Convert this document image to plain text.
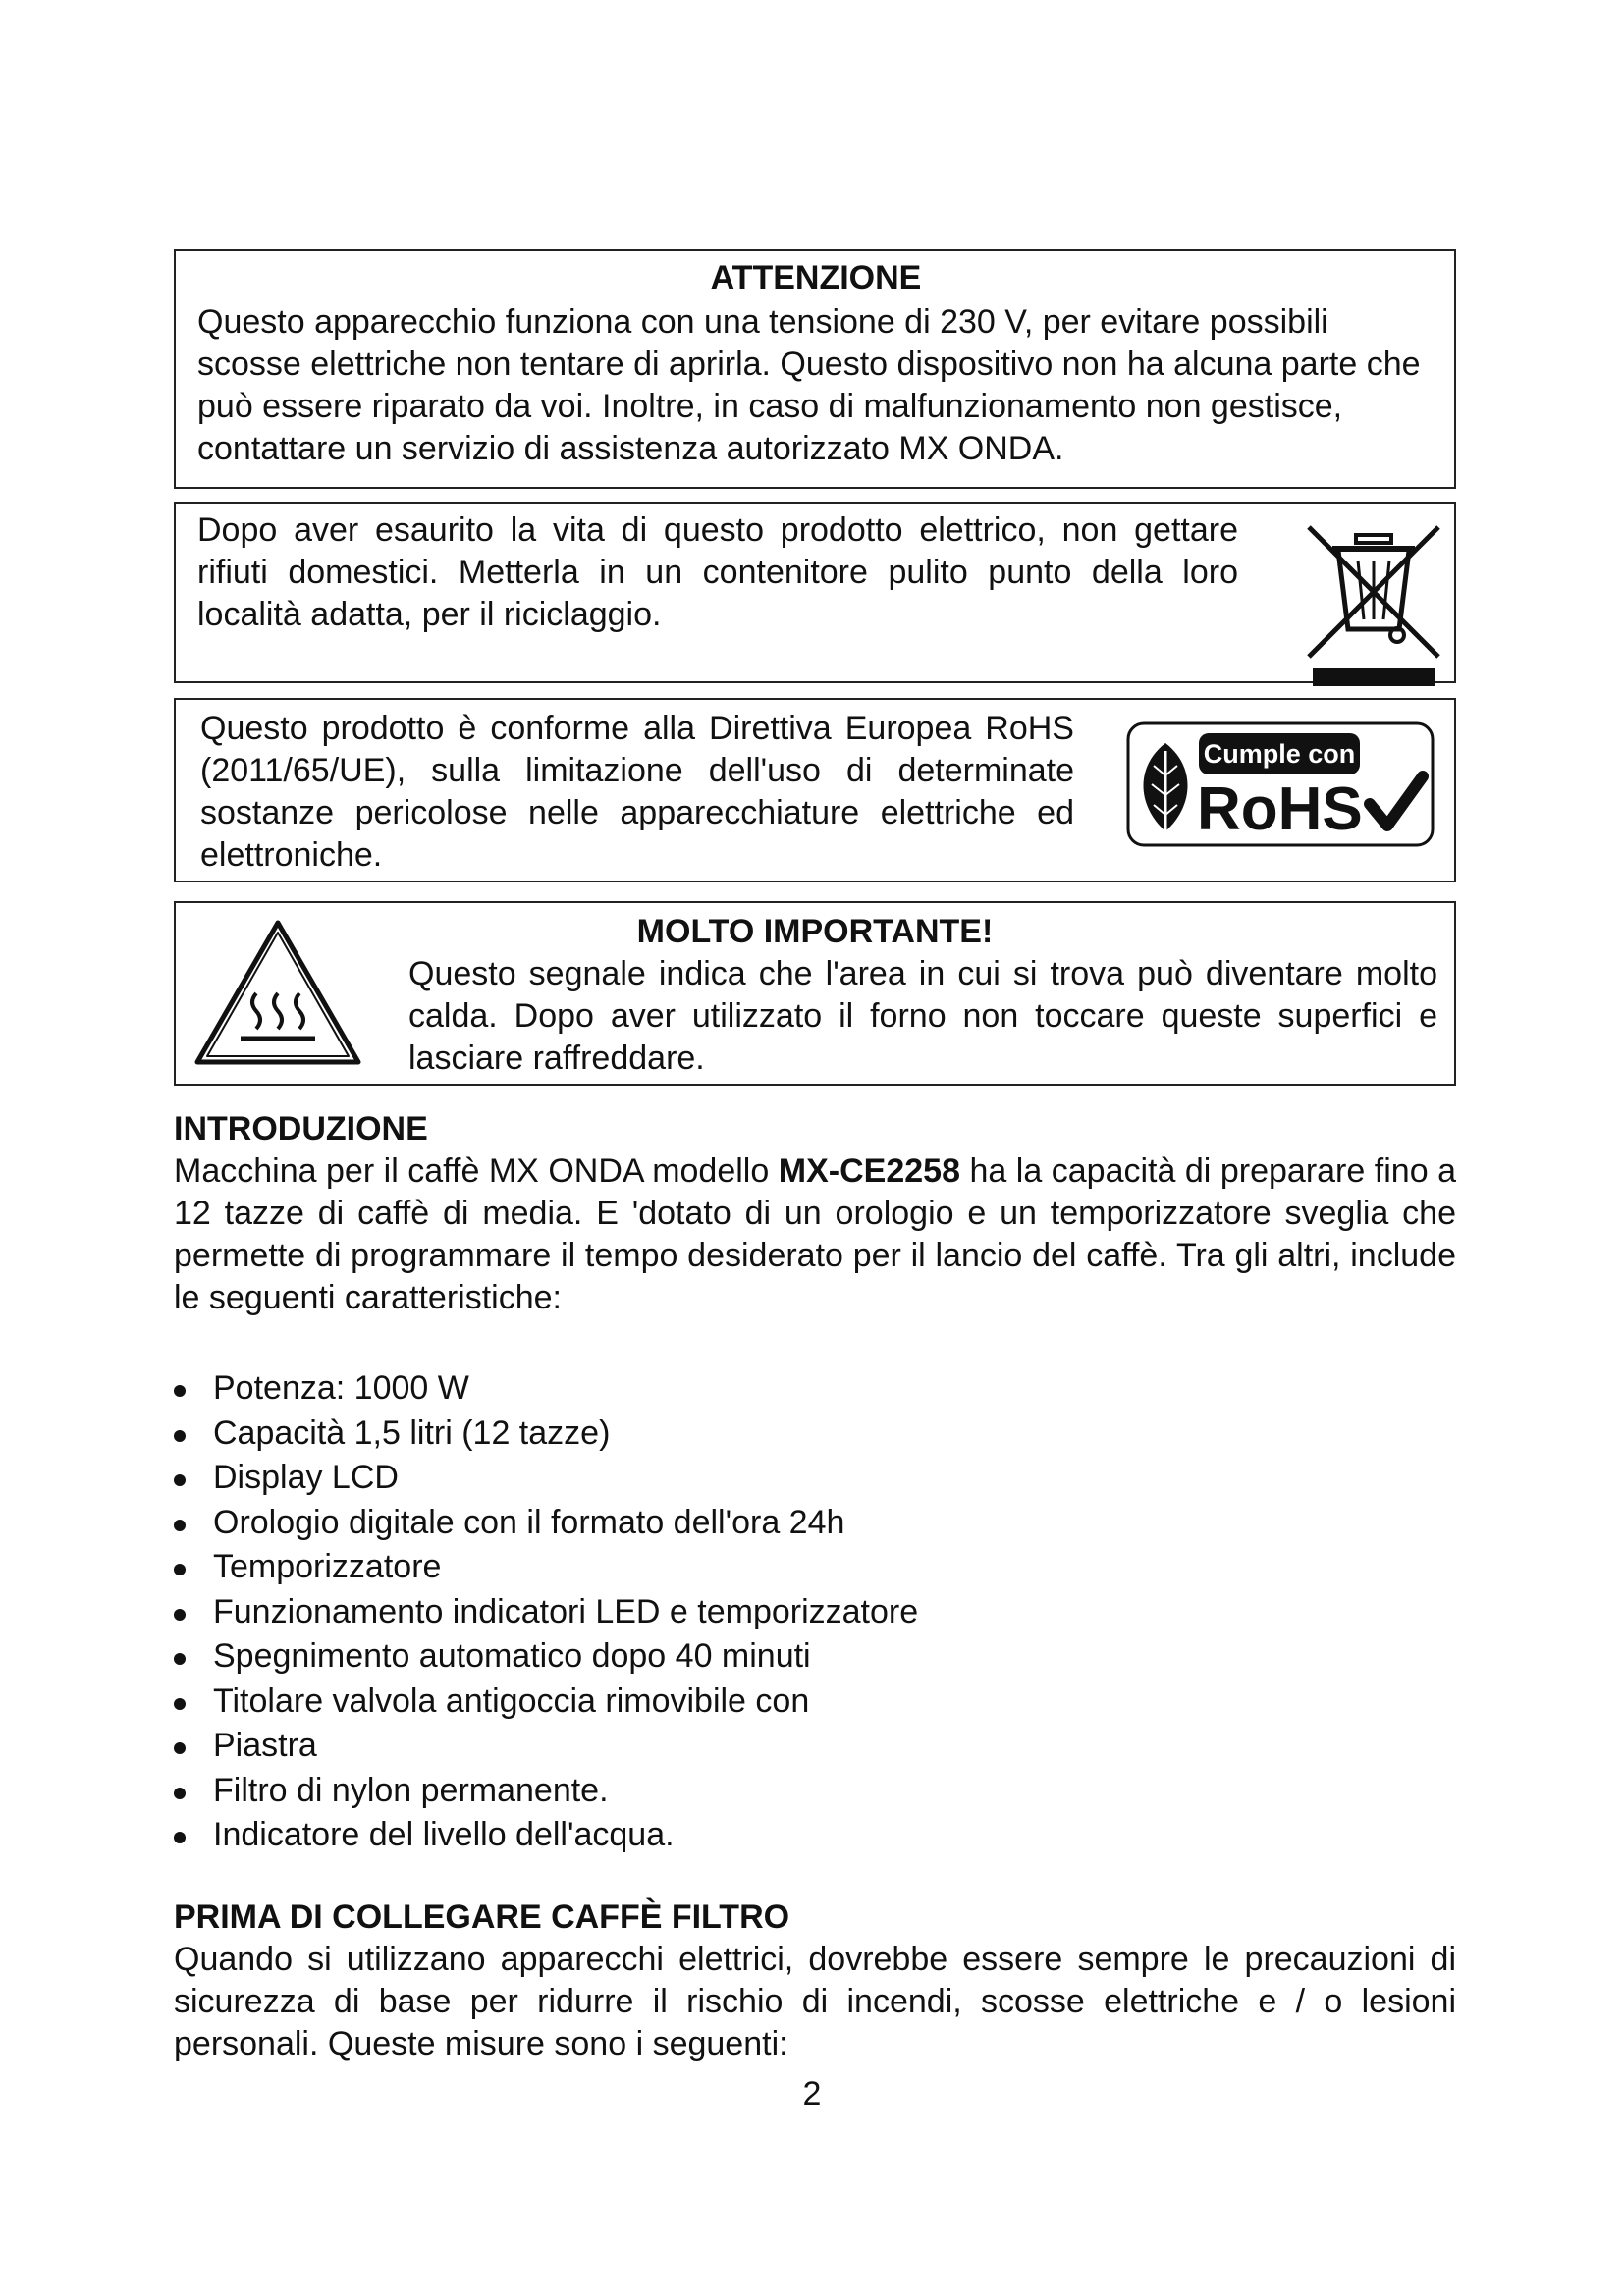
ATTENZIONE
Questo apparecchio funziona con una tensione di 230 V, per evitare possibili scosse elettriche non tentare di aprirla. Questo dispositivo non ha alcuna parte che può essere riparato da voi. Inoltre, in caso di malfunzionamento non gestisce, contattare un servizio di assistenza autorizzato MX ONDA.
Dopo aver esaurito la vita di questo prodotto elettrico, non gettare rifiuti domestici. Metterla in un contenitore pulito punto della loro località adatta, per il riciclaggio.
Questo prodotto è conforme alla Direttiva Europea RoHS (2011/65/UE), sulla limitazione dell'uso di determinate sostanze pericolose nelle apparecchiature elettriche ed elettroniche.
Cumple con
RoHS
MOLTO IMPORTANTE!
Questo segnale indica che l'area in cui si trova può diventare molto calda. Dopo aver utilizzato il forno non toccare queste superfici e lasciare raffreddare.
INTRODUZIONE
Macchina per il caffè MX ONDA modello MX-CE2258 ha la capacità di preparare fino a 12 tazze di caffè di media. E 'dotato di un orologio e un temporizzatore sveglia che permette di programmare il tempo desiderato per il lancio del caffè. Tra gli altri, include le seguenti caratteristiche:
Potenza: 1000 W
Capacità 1,5 litri (12 tazze)
Display LCD
Orologio digitale con il formato dell'ora 24h
Temporizzatore
Funzionamento indicatori LED e temporizzatore
Spegnimento automatico dopo 40 minuti
Titolare valvola antigoccia rimovibile con
Piastra
Filtro di nylon permanente.
Indicatore del livello dell'acqua.
PRIMA DI COLLEGARE CAFFÈ FILTRO
Quando si utilizzano apparecchi elettrici, dovrebbe essere sempre le precauzioni di sicurezza di base per ridurre il rischio di incendi, scosse elettriche e / o lesioni personali. Queste misure sono i seguenti:
2
